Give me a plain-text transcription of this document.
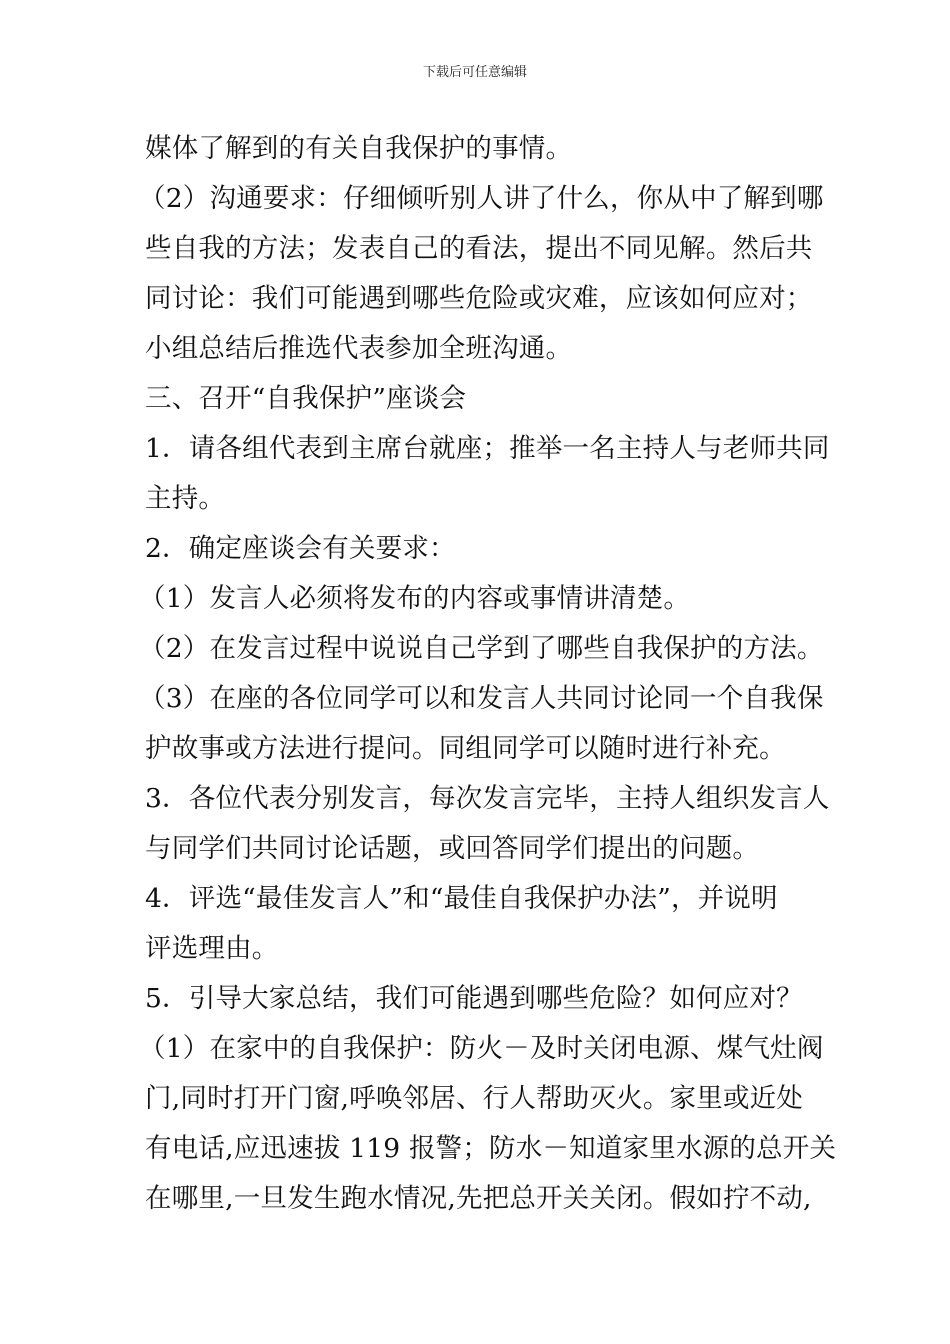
下载后可任意编辑
媒体了解到的有关自我保护的事情。
（2）沟通要求：仔细倾听别人讲了什么，你从中了解到哪
些自我的方法；发表自己的看法，提出不同见解。然后共
同讨论：我们可能遇到哪些危险或灾难，应该如何应对；
小组总结后推选代表参加全班沟通。
三、召开“自我保护”座谈会
1．请各组代表到主席台就座；推举一名主持人与老师共同
主持。
2．确定座谈会有关要求：
（1）发言人必须将发布的内容或事情讲清楚。
（2）在发言过程中说说自己学到了哪些自我保护的方法。
（3）在座的各位同学可以和发言人共同讨论同一个自我保
护故事或方法进行提问。同组同学可以随时进行补充。
3．各位代表分别发言，每次发言完毕，主持人组织发言人
与同学们共同讨论话题，或回答同学们提出的问题。
4．评选“最佳发言人”和“最佳自我保护办法”，并说明
评选理由。
5．引导大家总结，我们可能遇到哪些危险？如何应对？
（1）在家中的自我保护：防火－及时关闭电源、煤气灶阀
门,同时打开门窗,呼唤邻居、行人帮助灭火。家里或近处
有电话,应迅速拔 119 报警；防水－知道家里水源的总开关
在哪里,一旦发生跑水情况,先把总开关关闭。假如拧不动,
